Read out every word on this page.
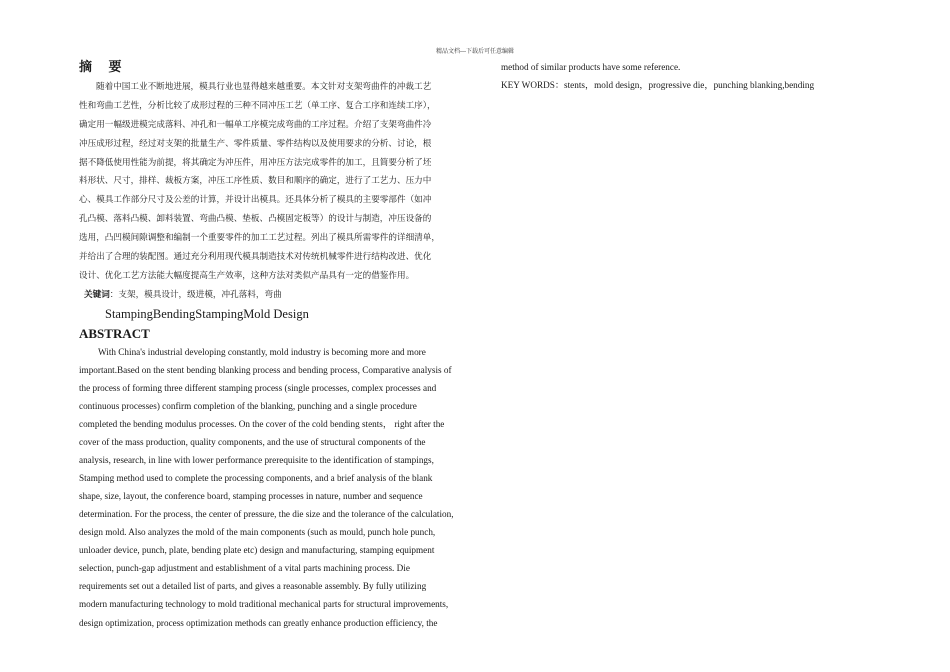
精品文档---下载后可任意编辑
摘 要
随着中国工业不断地进展，模具行业也显得越来越重要。本文针对支架弯曲件的冲裁工艺
性和弯曲工艺性，分析比较了成形过程的三种不同冲压工艺（单工序、复合工序和连续工序），
确定用一幅级进模完成落料、冲孔和一幅单工序模完成弯曲的工序过程。介绍了支架弯曲件冷
冲压成形过程，经过对支架的批量生产、零件质量、零件结构以及使用要求的分析、讨论，根
据不降低使用性能为前提，将其确定为冲压件，用冲压方法完成零件的加工，且简要分析了坯
料形状、尺寸，排样、裁板方案，冲压工序性质、数目和顺序的确定，进行了工艺力、压力中
心、模具工作部分尺寸及公差的计算，并设计出模具。还具体分析了模具的主要零部件（如冲
孔凸模、落料凸模、卸料装置、弯曲凸模、垫板、凸模固定板等）的设计与制造，冲压设备的
选用，凸凹模间隙调整和编制一个重要零件的加工工艺过程。列出了模具所需零件的详细清单，
并给出了合理的装配图。通过充分利用现代模具制造技术对传统机械零件进行结构改进、优化
设计、优化工艺方法能大幅度提高生产效率，这种方法对类似产品具有一定的借鉴作用。
关键词：支架，模具设计，级进模，冲孔落料，弯曲
StampingBendingStampingMold Design
ABSTRACT
With China's industrial developing constantly, mold industry is becoming more and more
important.Based on the stent bending blanking process and bending process, Comparative analysis of
the process of forming three different stamping process (single processes, complex processes and
continuous processes) confirm completion of the blanking, punching and a single procedure
completed the bending modulus processes. On the cover of the cold bending stents， right after the
cover of the mass production, quality components, and the use of structural components of the
analysis, research, in line with lower performance prerequisite to the identification of stampings,
Stamping method used to complete the processing components, and a brief analysis of the blank
shape, size, layout, the conference board, stamping processes in nature, number and sequence
determination. For the process, the center of pressure, the die size and the tolerance of the calculation,
design mold. Also analyzes the mold of the main components (such as mould, punch hole punch,
unloader device, punch, plate, bending plate etc) design and manufacturing, stamping equipment
selection, punch-gap adjustment and establishment of a vital parts machining process. Die
requirements set out a detailed list of parts, and gives a reasonable assembly. By fully utilizing
modern manufacturing technology to mold traditional mechanical parts for structural improvements,
design optimization, process optimization methods can greatly enhance production efficiency, the
method of similar products have some reference.
KEY WORDS：stents，mold design，progressive die，punching blanking,bending
